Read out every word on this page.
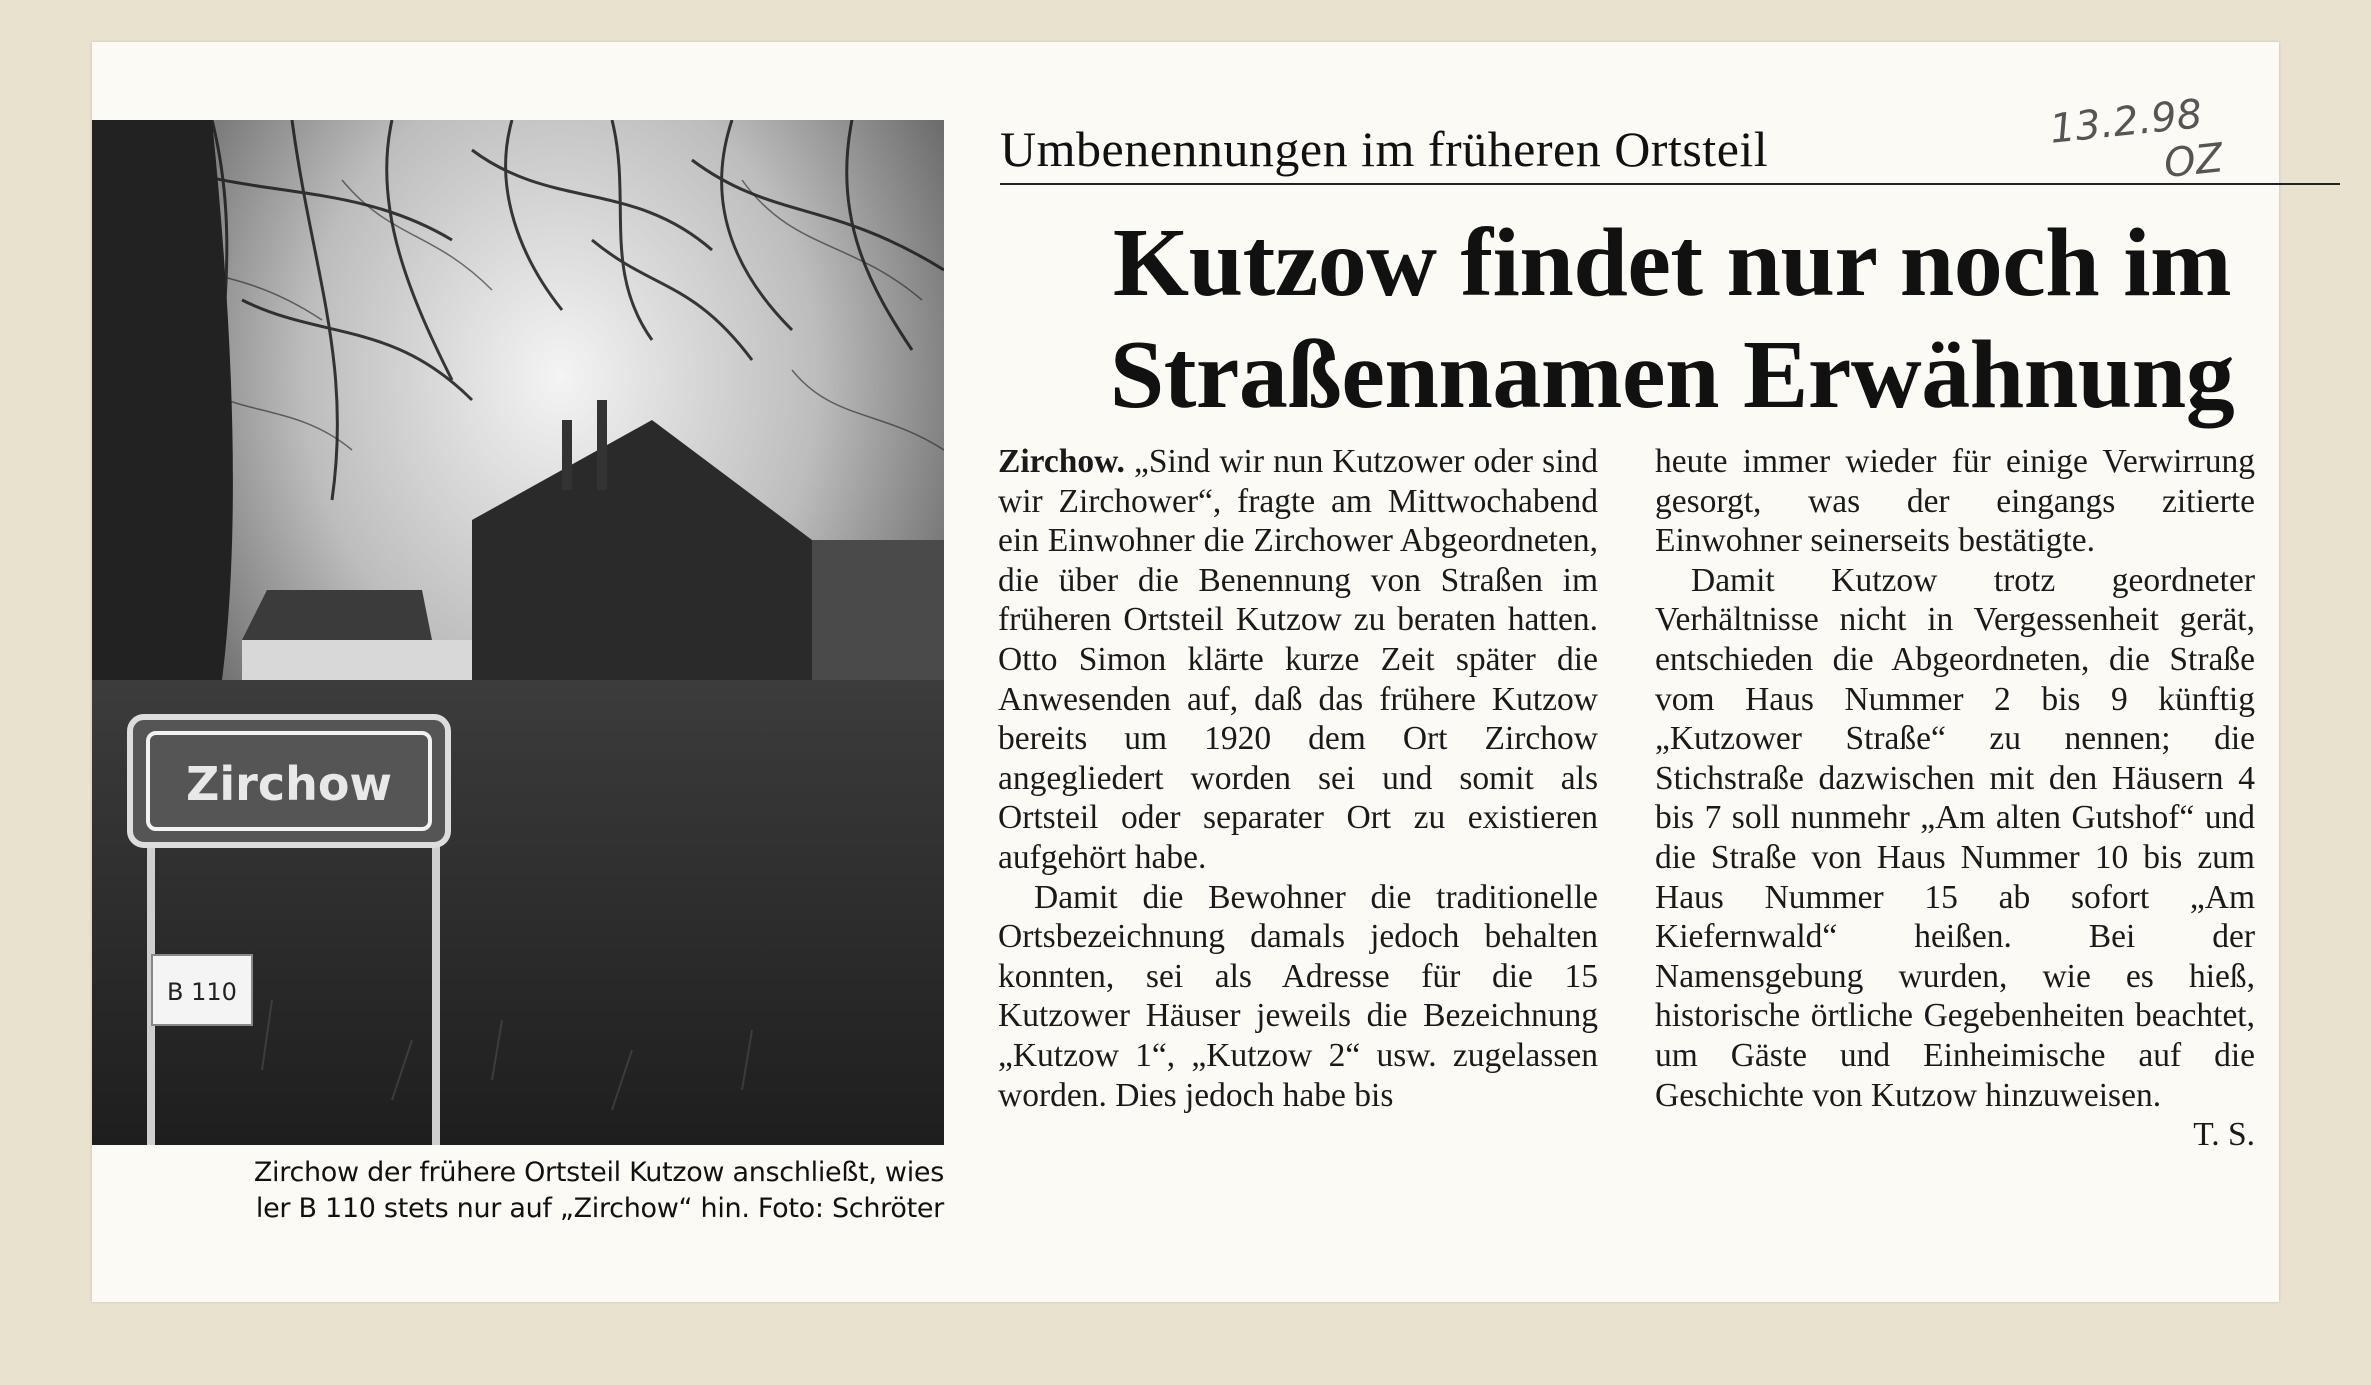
Zirchow
B 110
Zirchow der frühere Ortsteil Kutzow anschließt, wies
ler B 110 stets nur auf „Zirchow“ hin. Foto: Schröter
13.2.98
OZ
Umbenennungen im früheren Ortsteil
Kutzow findet nur noch im
Straßennamen Erwähnung

Zirchow. „Sind wir nun Kutzower oder sind wir Zirchower“, fragte am Mittwochabend ein Einwohner die Zirchower Abgeordneten, die über die Benennung von Straßen im früheren Ortsteil Kutzow zu beraten hatten. Otto Simon klärte kurze Zeit später die Anwesenden auf, daß das frühere Kutzow bereits um 1920 dem Ort Zirchow angegliedert worden sei und somit als Ortsteil oder separater Ort zu existieren aufgehört habe.

Damit die Bewohner die traditionelle Ortsbezeichnung damals jedoch behalten konnten, sei als Adresse für die 15 Kutzower Häuser jeweils die Bezeichnung „Kutzow 1“, „Kutzow 2“ usw. zugelassen worden. Dies jedoch habe bis

heute immer wieder für einige Verwirrung gesorgt, was der eingangs zitierte Einwohner seinerseits bestätigte.

Damit Kutzow trotz geordneter Verhältnisse nicht in Vergessenheit gerät, entschieden die Abgeordneten, die Straße vom Haus Nummer 2 bis 9 künftig „Kutzower Straße“ zu nennen; die Stichstraße dazwischen mit den Häusern 4 bis 7 soll nunmehr „Am alten Gutshof“ und die Straße von Haus Nummer 10 bis zum Haus Nummer 15 ab sofort „Am Kiefernwald“ heißen. Bei der Namensgebung wurden, wie es hieß, historische örtliche Gegebenheiten beachtet, um Gäste und Einheimische auf die Geschichte von Kutzow hinzuweisen.
T. S.
